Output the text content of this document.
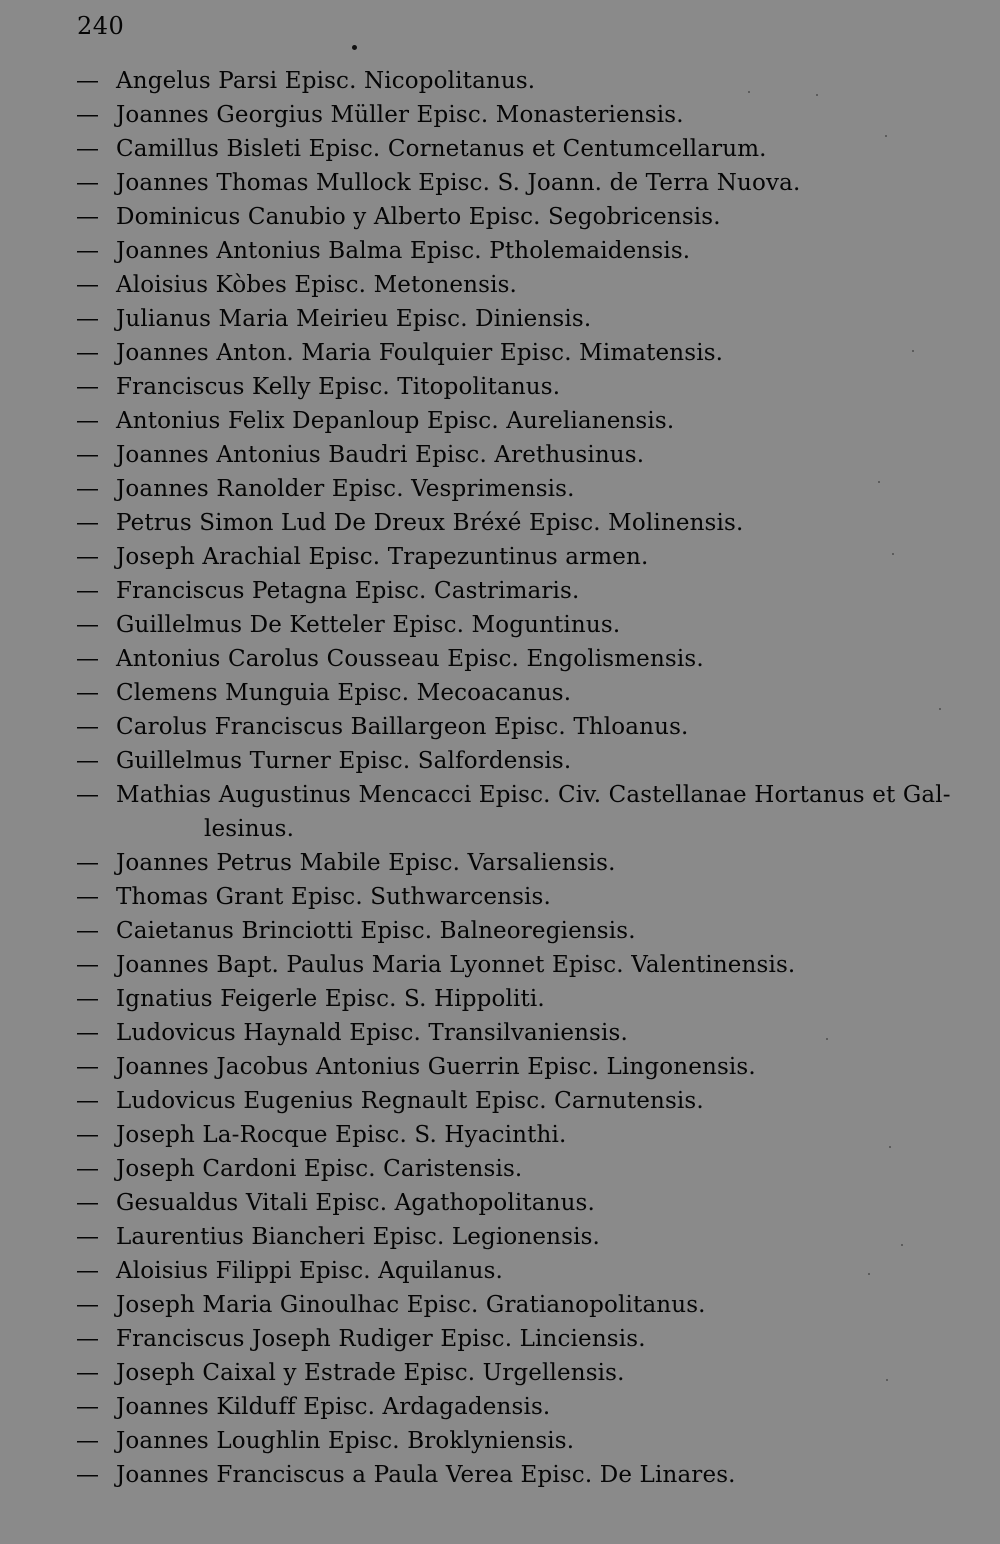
240
— Angelus Parsi Episc. Nicopolitanus.
— Joannes Georgius Müller Episc. Monasteriensis.
— Camillus Bisleti Episc. Cornetanus et Centumcellarum.
— Joannes Thomas Mullock Episc. S. Joann. de Terra Nuova.
— Dominicus Canubio y Alberto Episc. Segobricensis.
— Joannes Antonius Balma Episc. Ptholemaidensis.
— Aloisius Kòbes Episc. Metonensis.
— Julianus Maria Meirieu Episc. Diniensis.
— Joannes Anton. Maria Foulquier Episc. Mimatensis.
— Franciscus Kelly Episc. Titopolitanus.
— Antonius Felix Depanloup Episc. Aurelianensis.
— Joannes Antonius Baudri Episc. Arethusinus.
— Joannes Ranolder Episc. Vesprimensis.
— Petrus Simon Lud De Dreux Bréxé Episc. Molinensis.
— Joseph Arachial Episc. Trapezuntinus armen.
— Franciscus Petagna Episc. Castrimaris.
— Guillelmus De Ketteler Episc. Moguntinus.
— Antonius Carolus Cousseau Episc. Engolismensis.
— Clemens Munguia Episc. Mecoacanus.
— Carolus Franciscus Baillargeon Episc. Thloanus.
— Guillelmus Turner Episc. Salfordensis.
— Mathias Augustinus Mencacci Episc. Civ. Castellanae Hortanus et Gal-
lesinus.
— Joannes Petrus Mabile Episc. Varsaliensis.
— Thomas Grant Episc. Suthwarcensis.
— Caietanus Brinciotti Episc. Balneoregiensis.
— Joannes Bapt. Paulus Maria Lyonnet Episc. Valentinensis.
— Ignatius Feigerle Episc. S. Hippoliti.
— Ludovicus Haynald Episc. Transilvaniensis.
— Joannes Jacobus Antonius Guerrin Episc. Lingonensis.
— Ludovicus Eugenius Regnault Episc. Carnutensis.
— Joseph La-Rocque Episc. S. Hyacinthi.
— Joseph Cardoni Episc. Caristensis.
— Gesualdus Vitali Episc. Agathopolitanus.
— Laurentius Biancheri Episc. Legionensis.
— Aloisius Filippi Episc. Aquilanus.
— Joseph Maria Ginoulhac Episc. Gratianopolitanus.
— Franciscus Joseph Rudiger Episc. Linciensis.
— Joseph Caixal y Estrade Episc. Urgellensis.
— Joannes Kilduff Episc. Ardagadensis.
— Joannes Loughlin Episc. Broklyniensis.
— Joannes Franciscus a Paula Verea Episc. De Linares.
